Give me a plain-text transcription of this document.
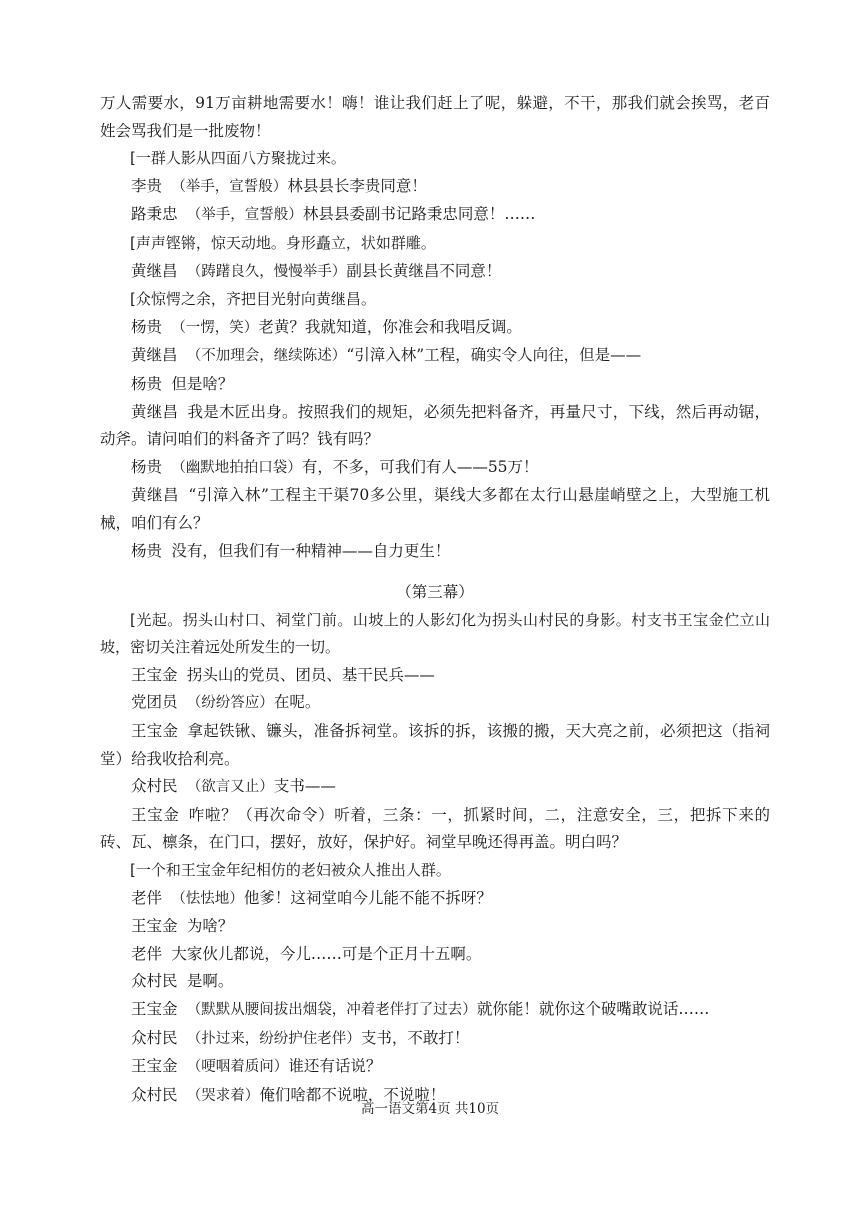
万人需要水，91万亩耕地需要水！嗨！谁让我们赶上了呢，躲避，不干，那我们就会挨骂，老百姓会骂我们是一批废物！

[一群人影从四面八方聚拢过来。

李贵 （举手，宣誓般）林县县长李贵同意！

路秉忠 （举手，宣誓般）林县县委副书记路秉忠同意！……

[声声铿锵，惊天动地。身形矗立，状如群雕。

黄继昌 （踌躇良久，慢慢举手）副县长黄继昌不同意！

[众惊愕之余，齐把目光射向黄继昌。

杨贵 （一愣，笑）老黄？我就知道，你准会和我唱反调。

黄继昌 （不加理会，继续陈述）“引漳入林”工程，确实令人向往，但是——

杨贵 但是啥？

黄继昌 我是木匠出身。按照我们的规矩，必须先把料备齐，再量尺寸，下线，然后再动锯，动斧。请问咱们的料备齐了吗？钱有吗？

杨贵 （幽默地拍拍口袋）有，不多，可我们有人——55万！

黄继昌 “引漳入林”工程主干渠70多公里，渠线大多都在太行山悬崖峭壁之上，大型施工机械，咱们有么？

杨贵 没有，但我们有一种精神——自力更生！

（第三幕）

[光起。拐头山村口、祠堂门前。山坡上的人影幻化为拐头山村民的身影。村支书王宝金伫立山坡，密切关注着远处所发生的一切。

王宝金 拐头山的党员、团员、基干民兵——

党团员 （纷纷答应）在呢。

王宝金 拿起铁锹、镰头，准备拆祠堂。该拆的拆，该搬的搬，天大亮之前，必须把这（指祠堂）给我收拾利亮。

众村民 （欲言又止）支书——

王宝金 咋啦？（再次命令）听着，三条：一，抓紧时间，二，注意安全，三，把拆下来的砖、瓦、檩条，在门口，摆好，放好，保护好。祠堂早晚还得再盖。明白吗？

[一个和王宝金年纪相仿的老妇被众人推出人群。

老伴 （怯怯地）他爹！这祠堂咱今儿能不能不拆呀？

王宝金 为啥？

老伴 大家伙儿都说，今儿……可是个正月十五啊。

众村民 是啊。

王宝金 （默默从腰间拔出烟袋，冲着老伴打了过去）就你能！就你这个破嘴敢说话……

众村民 （扑过来，纷纷护住老伴）支书，不敢打！

王宝金 （哽咽着质问）谁还有话说？

众村民 （哭求着）俺们啥都不说啦，不说啦！

高一语文第4页 共10页
